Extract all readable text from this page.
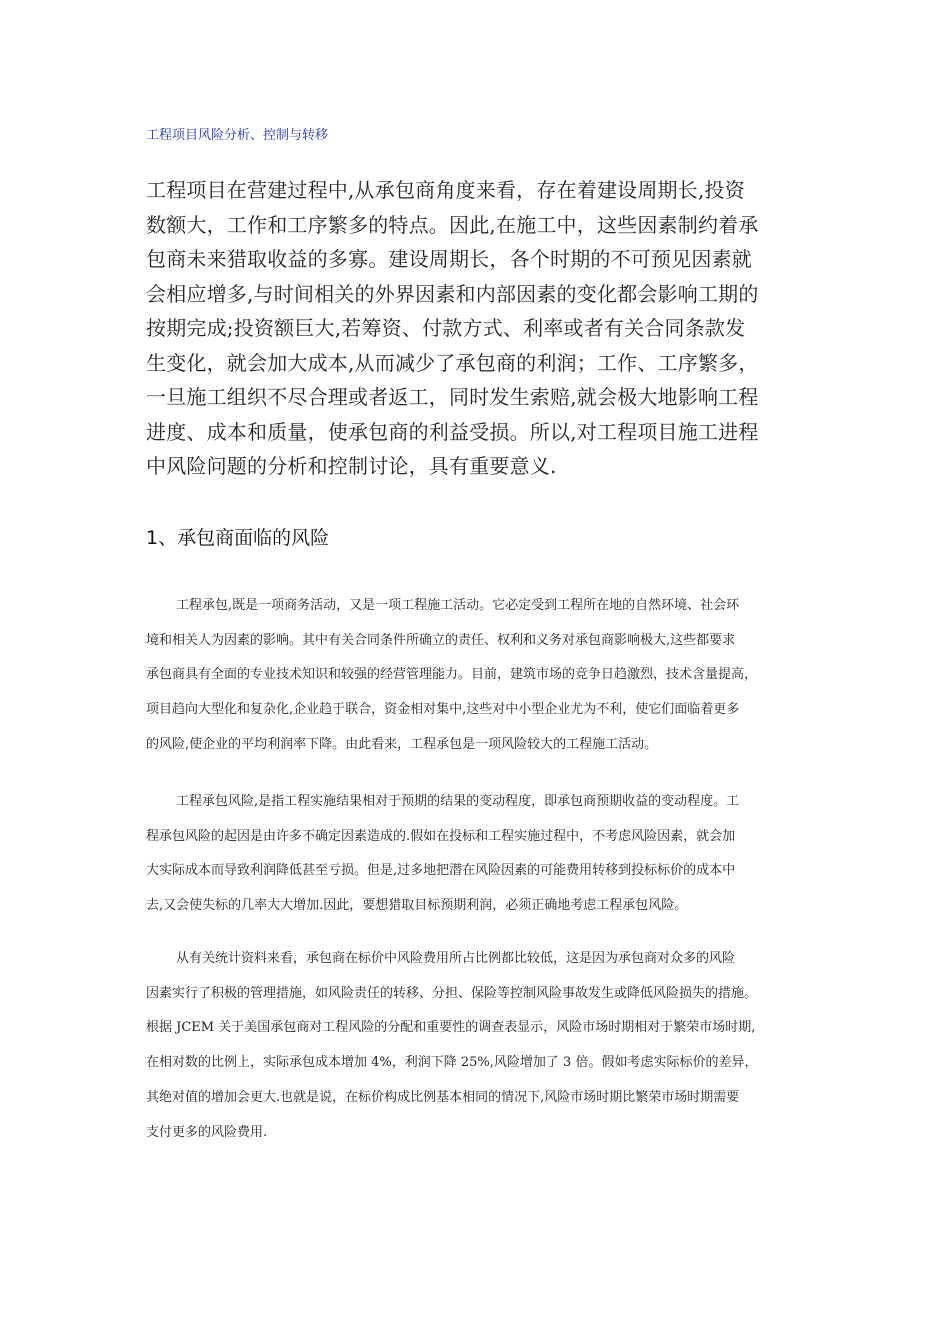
工程项目风险分析、控制与转移
工程项目在营建过程中,从承包商角度来看，存在着建设周期长,投资
数额大，工作和工序繁多的特点。因此,在施工中，这些因素制约着承
包商未来猎取收益的多寡。建设周期长，各个时期的不可预见因素就
会相应增多,与时间相关的外界因素和内部因素的变化都会影响工期的
按期完成;投资额巨大,若筹资、付款方式、利率或者有关合同条款发
生变化，就会加大成本,从而减少了承包商的利润；工作、工序繁多，
一旦施工组织不尽合理或者返工，同时发生索赔,就会极大地影响工程
进度、成本和质量，使承包商的利益受损。所以,对工程项目施工进程
中风险问题的分析和控制讨论，具有重要意义.
1、承包商面临的风险
工程承包,既是一项商务活动，又是一项工程施工活动。它必定受到工程所在地的自然环境、社会环
境和相关人为因素的影响。其中有关合同条件所确立的责任、权利和义务对承包商影响极大,这些都要求
承包商具有全面的专业技术知识和较强的经营管理能力。目前，建筑市场的竞争日趋激烈，技术含量提高，
项目趋向大型化和复杂化,企业趋于联合，资金相对集中,这些对中小型企业尤为不利，使它们面临着更多
的风险,使企业的平均利润率下降。由此看来，工程承包是一项风险较大的工程施工活动。
工程承包风险,是指工程实施结果相对于预期的结果的变动程度，即承包商预期收益的变动程度。工
程承包风险的起因是由许多不确定因素造成的.假如在投标和工程实施过程中，不考虑风险因素，就会加
大实际成本而导致利润降低甚至亏损。但是,过多地把潜在风险因素的可能费用转移到投标标价的成本中
去,又会使失标的几率大大增加.因此，要想猎取目标预期利润，必须正确地考虑工程承包风险。
从有关统计资料来看，承包商在标价中风险费用所占比例都比较低，这是因为承包商对众多的风险
因素实行了积极的管理措施，如风险责任的转移、分担、保险等控制风险事故发生或降低风险损失的措施。
根据 JCEM 关于美国承包商对工程风险的分配和重要性的调查表显示，风险市场时期相对于繁荣市场时期,
在相对数的比例上，实际承包成本增加 4%，利润下降 25%,风险增加了 3 倍。假如考虑实际标价的差异，
其绝对值的增加会更大.也就是说，在标价构成比例基本相同的情况下,风险市场时期比繁荣市场时期需要
支付更多的风险费用.
